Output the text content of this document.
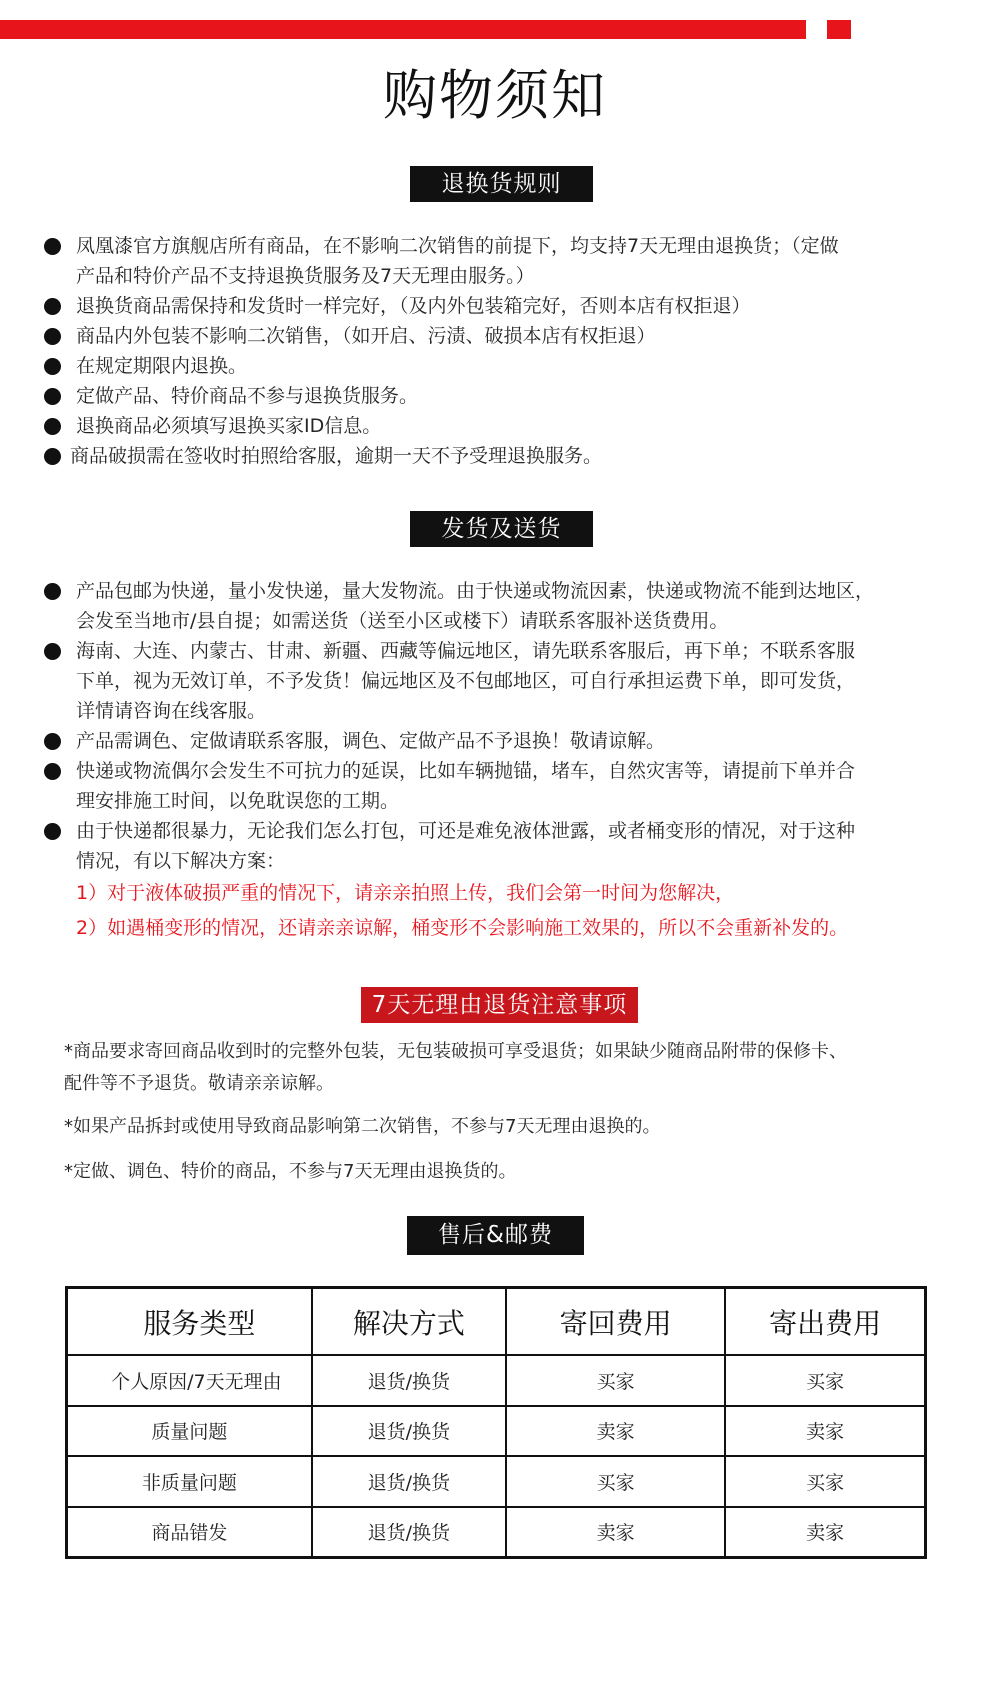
购物须知
退换货规则
凤凰漆官方旗舰店所有商品，在不影响二次销售的前提下，均支持7天无理由退换货；（定做
产品和特价产品不支持退换货服务及7天无理由服务。）
退换货商品需保持和发货时一样完好，（及内外包装箱完好，否则本店有权拒退）
商品内外包装不影响二次销售，（如开启、污渍、破损本店有权拒退）
在规定期限内退换。
定做产品、特价商品不参与退换货服务。
退换商品必须填写退换买家ID信息。
商品破损需在签收时拍照给客服，逾期一天不予受理退换服务。
发货及送货
产品包邮为快递，量小发快递，量大发物流。由于快递或物流因素，快递或物流不能到达地区，
会发至当地市/县自提；如需送货（送至小区或楼下）请联系客服补送货费用。
海南、大连、内蒙古、甘肃、新疆、西藏等偏远地区，请先联系客服后，再下单；不联系客服
下单，视为无效订单，不予发货！偏远地区及不包邮地区，可自行承担运费下单，即可发货，
详情请咨询在线客服。
产品需调色、定做请联系客服，调色、定做产品不予退换！敬请谅解。
快递或物流偶尔会发生不可抗力的延误，比如车辆抛锚，堵车，自然灾害等，请提前下单并合
理安排施工时间，以免耽误您的工期。
由于快递都很暴力，无论我们怎么打包，可还是难免液体泄露，或者桶变形的情况，对于这种
情况，有以下解决方案：
1）对于液体破损严重的情况下，请亲亲拍照上传，我们会第一时间为您解决，
2）如遇桶变形的情况，还请亲亲谅解，桶变形不会影响施工效果的，所以不会重新补发的。
7天无理由退货注意事项
*商品要求寄回商品收到时的完整外包装，无包装破损可享受退货；如果缺少随商品附带的保修卡、
配件等不予退货。敬请亲亲谅解。
*如果产品拆封或使用导致商品影响第二次销售，不参与7天无理由退换的。
*定做、调色、特价的商品，不参与7天无理由退换货的。
售后&邮费
服务类型	解决方式	寄回费用	寄出费用
个人原因/7天无理由	退货/换货	买家	买家
质量问题	退货/换货	卖家	卖家
非质量问题	退货/换货	买家	买家
商品错发	退货/换货	卖家	卖家
